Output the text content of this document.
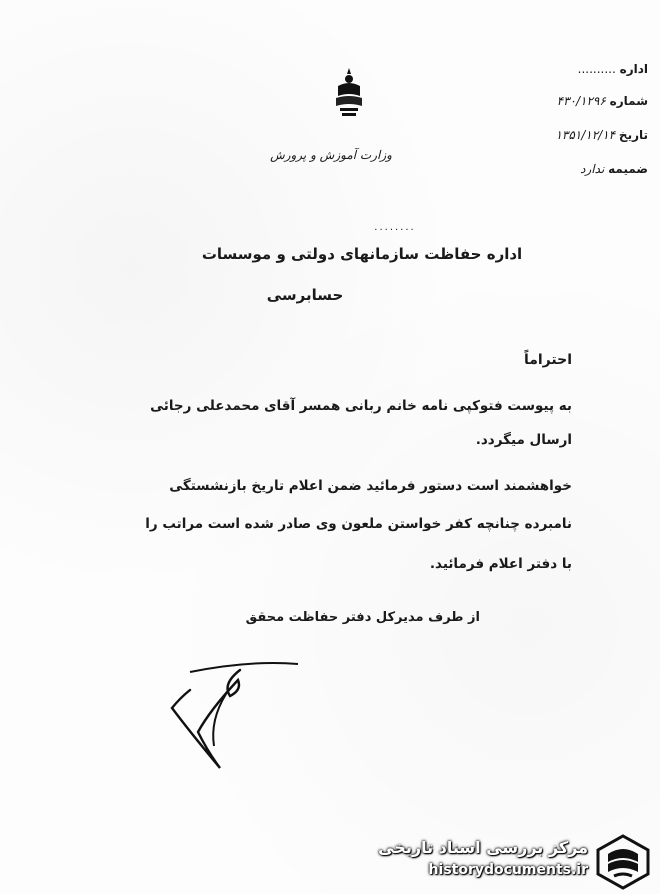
وزارت آموزش و پرورش
اداره ..........
شماره ۴۳۰/۱۲۹۶
تاریخ ۱۳۵۱/۱۲/۱۴
ضمیمه ندارد
........
اداره حفاظت سازمانهای دولتی و موسسات
حسابرسی
احتراماً
به پیوست فتوکپی نامه خانم ربانی همسر آقای محمدعلی رجائی
ارسال میگردد.
خواهشمند است دستور فرمائید ضمن اعلام تاریخ بازنشستگی
نامبرده چنانچه کفر خواستن ملعون وی صادر شده است مراتب را
با دفتر اعلام فرمائید.
از طرف مدیرکل دفتر حفاظت محقق
مرکز بررسی اسناد تاریخی
historydocuments.ir
